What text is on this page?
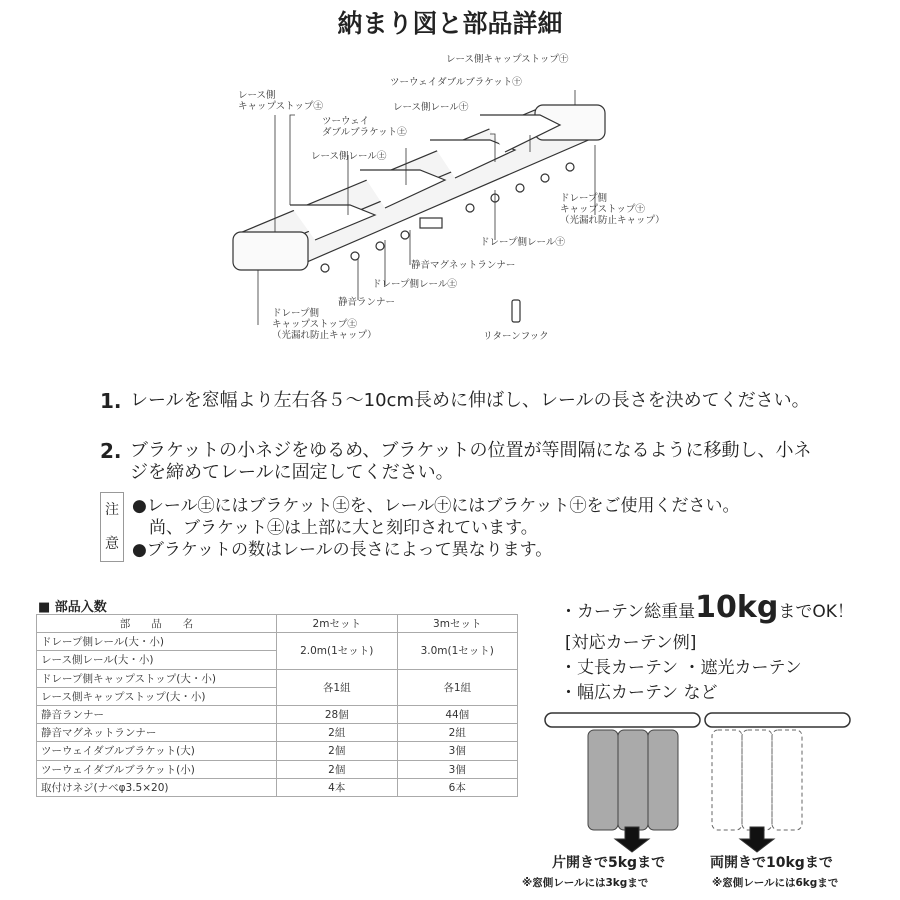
納まり図と部品詳細
レース側
キャップストップ㊏
ツーウェイ
ダブルブラケット㊏
レース側レール㊏
レース側キャップストップ㊉
ツーウェイダブルブラケット㊉
レース側レール㊉
ドレープ側
キャップストップ㊉
（光漏れ防止キャップ）
ドレープ側レール㊉
静音マグネットランナー
ドレープ側レール㊏
静音ランナー
ドレープ側
キャップストップ㊏
（光漏れ防止キャップ）	リターンフック
1. レールを窓幅より左右各５〜10cm長めに伸ばし、レールの長さを決めてください。
2. ブラケットの小ネジをゆるめ、ブラケットの位置が等間隔になるように移動し、小ネジを締めてレールに固定してください。
注
意
●レール㊏にはブラケット㊏を、レール㊉にはブラケット㊉をご使用ください。
　尚、ブラケット㊏は上部に大と刻印されています。
●ブラケットの数はレールの長さによって異なります。
■ 部品入数
部　　品　　名	2mセット	3mセット
ドレープ側レール(大・小)	2.0m(1セット)	3.0m(1セット)
レース側レール(大・小)		
ドレープ側キャップストップ(大・小)	各1組	各1組
レース側キャップストップ(大・小)		
静音ランナー	28個	44個
静音マグネットランナー	2組	2組
ツーウェイダブルブラケット(大)	2個	3個
ツーウェイダブルブラケット(小)	2個	3個
取付けネジ(ナベφ3.5×20)	4本	6本
・カーテン総重量10kgまでOK！
[対応カーテン例]
・丈長カーテン ・遮光カーテン
・幅広カーテン など
片開きで5kgまで
※窓側レールには3kgまで
両開きで10kgまで
※窓側レールには6kgまで
